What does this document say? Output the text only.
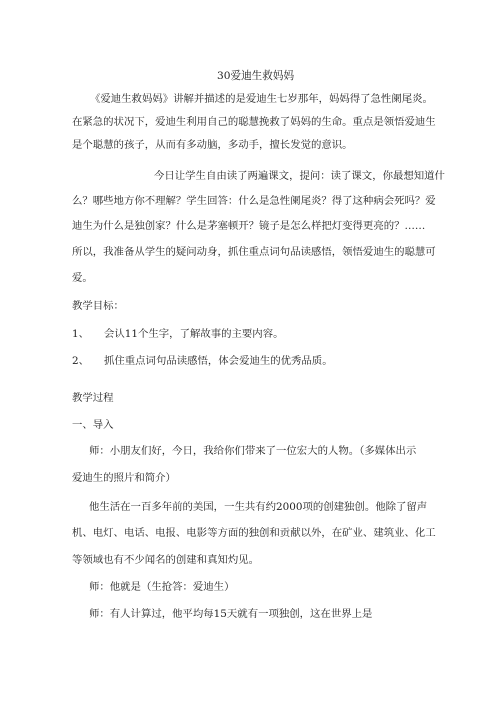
30爱迪生救妈妈
《爱迪生救妈妈》讲解并描述的是爱迪生七岁那年，妈妈得了急性阑尾炎。
在紧急的状况下，爱迪生利用自己的聪慧挽救了妈妈的生命。重点是领悟爱迪生
是个聪慧的孩子，从而有多动脑，多动手，擅长发觉的意识。
今日让学生自由读了两遍课文，提问：读了课文，你最想知道什
么？哪些地方你不理解？学生回答：什么是急性阑尾炎？得了这种病会死吗？爱
迪生为什么是独创家？什么是茅塞顿开？镜子是怎么样把灯变得更亮的？……
所以，我准备从学生的疑问动身，抓住重点词句品读感悟，领悟爱迪生的聪慧可
爱。
教学目标：
1、 会认11个生字，了解故事的主要内容。
2、 抓住重点词句品读感悟，体会爱迪生的优秀品质。
教学过程
一、导入
师：小朋友们好，今日，我给你们带来了一位宏大的人物。（多媒体出示
爱迪生的照片和简介）
他生活在一百多年前的美国，一生共有约2000项的创建独创。他除了留声
机、电灯、电话、电报、电影等方面的独创和贡献以外，在矿业、建筑业、化工
等领域也有不少闻名的创建和真知灼见。
师：他就是（生抢答：爱迪生）
师：有人计算过，他平均每15天就有一项独创，这在世界上是
